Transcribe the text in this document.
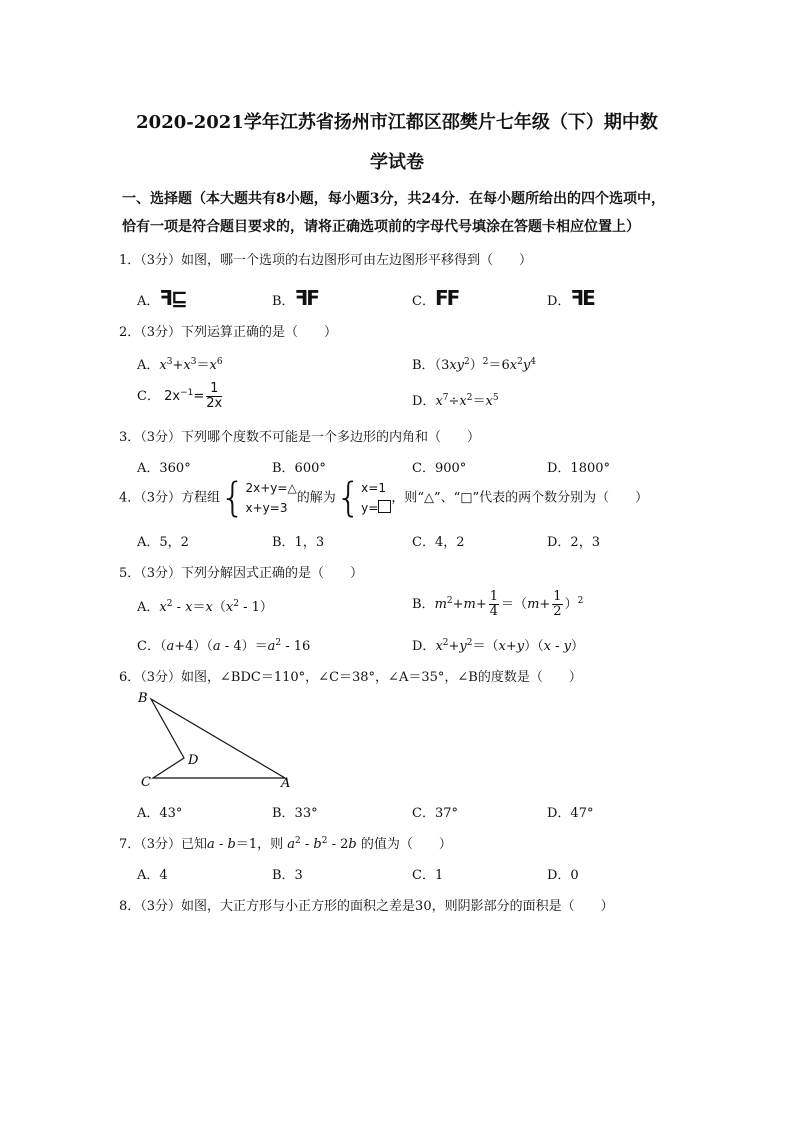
2020-2021学年江苏省扬州市江都区邵樊片七年级（下）期中数
学试卷
一、选择题（本大题共有8小题，每小题3分，共24分．在每小题所给出的四个选项中，
恰有一项是符合题目要求的，请将正确选项前的字母代号填涂在答题卡相应位置上）
1．（3分）如图，哪一个选项的右边图形可由左边图形平移得到（　　）
A．ꟻ⊑	B．ꟻF	C．FF	D．ꟻE
2．（3分）下列运算正确的是（　　）
A．$x^3+x^3=x^6$	B．$(3xy^2)^2=6x^2y^4$
C． $2x^{-1}= \frac{1}{2x}$	D．$x^7\div x^2=x^5$
3．（3分）下列哪个度数不可能是一个多边形的内角和（　　）
A．360°	B．600°	C．900°	D．1800°
4．（3分）方程组{ 2x+y=△
x+y=3
的解为{ x=1
y=
，则“△”、“□”代表的两个数分别为（　　）
A．5，2	B．1，3	C．4，2	D．2，3
5．（3分）下列分解因式正确的是（　　）
A．$x^2 - x=x(x^2 - 1)$	B．$m^2+m+ \frac{1}{4} =(m+ \frac{1}{2} )^2$
C．$(a+4)(a - 4)=a^2 - 16$	D．$x^2+y^2=(x+y)(x - y)$
6．（3分）如图，∠BDC＝110°，∠C＝38°，∠A＝35°，∠B的度数是（　　）
B
C
D
A
A．43°	B．33°	C．37°	D．47°
7．（3分）已知a - b＝1，则 $a^2 - b^2 - 2b$ 的值为（　　）
A．4	B．3	C．1	D．0
8．（3分）如图，大正方形与小正方形的面积之差是30，则阴影部分的面积是（　　）
